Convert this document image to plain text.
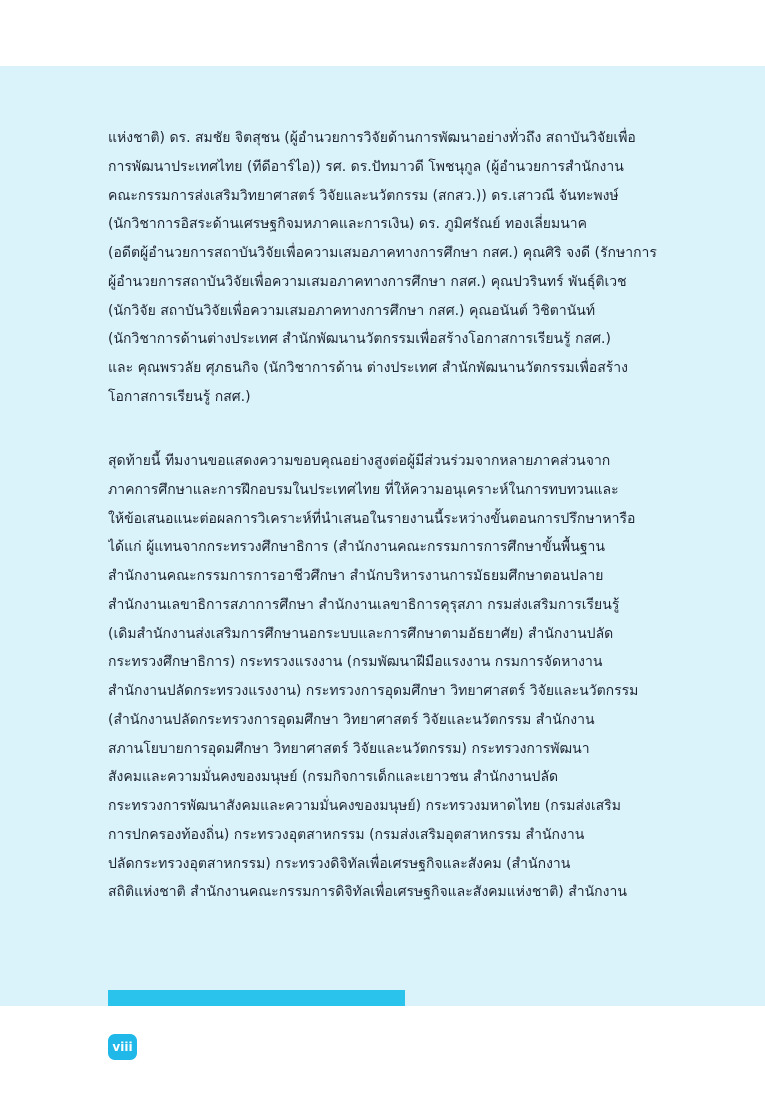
แห่งชาติ) ดร. สมชัย จิตสุชน (ผู้อำนวยการวิจัยด้านการพัฒนาอย่างทั่วถึง สถาบันวิจัยเพื่อ
การพัฒนาประเทศไทย (ทีดีอาร์ไอ)) รศ. ดร.ปัทมาวดี โพชนุกูล (ผู้อำนวยการสำนักงาน
คณะกรรมการส่งเสริมวิทยาศาสตร์ วิจัยและนวัตกรรม (สกสว.)) ดร.เสาวณี จันทะพงษ์
(นักวิชาการอิสระด้านเศรษฐกิจมหภาคและการเงิน) ดร. ภูมิศรัณย์ ทองเลี่ยมนาค
(อดีตผู้อำนวยการสถาบันวิจัยเพื่อความเสมอภาคทางการศึกษา กสศ.) คุณศิริ จงดี (รักษาการ
ผู้อำนวยการสถาบันวิจัยเพื่อความเสมอภาคทางการศึกษา กสศ.) คุณปวรินทร์ พันธุ์ติเวช
(นักวิจัย สถาบันวิจัยเพื่อความเสมอภาคทางการศึกษา กสศ.) คุณอนันต์ วิชิตานันท์
(นักวิชาการด้านต่างประเทศ สำนักพัฒนานวัตกรรมเพื่อสร้างโอกาสการเรียนรู้ กสศ.)
และ คุณพรวลัย ศุภธนกิจ (นักวิชาการด้าน ต่างประเทศ สำนักพัฒนานวัตกรรมเพื่อสร้าง
โอกาสการเรียนรู้ กสศ.)

สุดท้ายนี้ ทีมงานขอแสดงความขอบคุณอย่างสูงต่อผู้มีส่วนร่วมจากหลายภาคส่วนจาก
ภาคการศึกษาและการฝึกอบรมในประเทศไทย ที่ให้ความอนุเคราะห์ในการทบทวนและ
ให้ข้อเสนอแนะต่อผลการวิเคราะห์ที่นำเสนอในรายงานนี้ระหว่างขั้นตอนการปรึกษาหารือ
ได้แก่ ผู้แทนจากกระทรวงศึกษาธิการ (สำนักงานคณะกรรมการการศึกษาขั้นพื้นฐาน
สำนักงานคณะกรรมการการอาชีวศึกษา สำนักบริหารงานการมัธยมศึกษาตอนปลาย
สำนักงานเลขาธิการสภาการศึกษา สำนักงานเลขาธิการคุรุสภา กรมส่งเสริมการเรียนรู้
(เดิมสำนักงานส่งเสริมการศึกษานอกระบบและการศึกษาตามอัธยาศัย) สำนักงานปลัด
กระทรวงศึกษาธิการ) กระทรวงแรงงาน (กรมพัฒนาฝีมือแรงงาน กรมการจัดหางาน
สำนักงานปลัดกระทรวงแรงงาน) กระทรวงการอุดมศึกษา วิทยาศาสตร์ วิจัยและนวัตกรรม
(สำนักงานปลัดกระทรวงการอุดมศึกษา วิทยาศาสตร์ วิจัยและนวัตกรรม สำนักงาน
สภานโยบายการอุดมศึกษา วิทยาศาสตร์ วิจัยและนวัตกรรม) กระทรวงการพัฒนา
สังคมและความมั่นคงของมนุษย์ (กรมกิจการเด็กและเยาวชน สำนักงานปลัด
กระทรวงการพัฒนาสังคมและความมั่นคงของมนุษย์) กระทรวงมหาดไทย (กรมส่งเสริม
การปกครองท้องถิ่น) กระทรวงอุตสาหกรรม (กรมส่งเสริมอุตสาหกรรม สำนักงาน
ปลัดกระทรวงอุตสาหกรรม) กระทรวงดิจิทัลเพื่อเศรษฐกิจและสังคม (สำนักงาน
สถิติแห่งชาติ สำนักงานคณะกรรมการดิจิทัลเพื่อเศรษฐกิจและสังคมแห่งชาติ) สำนักงาน

viii
